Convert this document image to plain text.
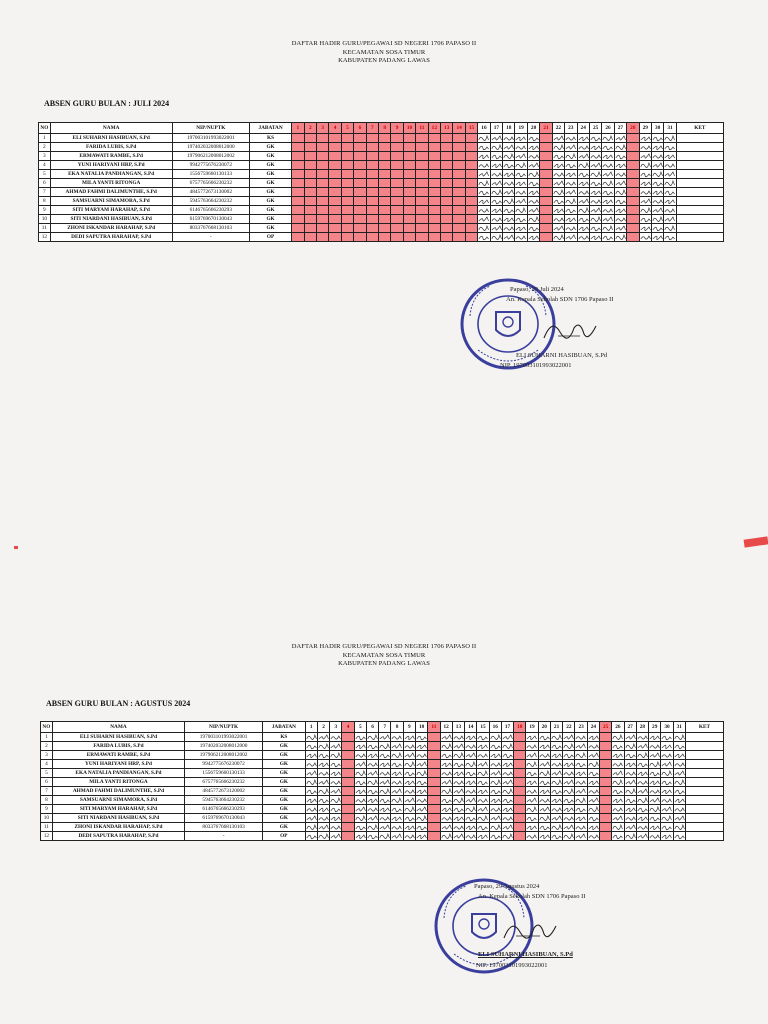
DAFTAR HADIR GURU/PEGAWAI SD NEGERI 1706 PAPASO II
KECAMATAN SOSA TIMUR
KABUPATEN PADANG LAWAS
ABSEN GURU BULAN : JULI 2024
NO	NAMA	NIP/NUPTK	JABATAN	1	2	3	4	5	6	7	8	9	10	11	12	13	14	15	16	17	18	19	20	21	22	23	24	25	26	27	28	29	30	31	KET
1	ELI SUHARNI HASIBUAN, S.Pd	197003101993022001	KS																

2	FARIDA LUBIS, S.Pd	197402032008012000	GK																

3	ERMAWATI RAMBE, S.Pd	197906212008012002	GK																

4	YUNI HARIYANI HRP, S.Pd	9942775676230072	GK																

5	EKA NATALIA PANDIANGAN, S.Pd	1556759660130133	GK																

6	MILA YANTI RITONGA	6757765666230232	GK																

7	AHMAD FAHMI DALIMUNTHE, S.Pd	4845772673130002	GK																

8	SAMSUARNI SIMAMORA, S.Pd	5945763664230232	GK																

9	SITI MARYAM HARAHAP, S.Pd	6146765666230293	GK																

10	SITI NIARDANI HASIBUAN, S.Pd	6159769670130043	GK																

11	ZHONI ISKANDAR HARAHAP, S.Pd	8033767668130103	GK																

12	DEDI SAPUTRA HARAHAP, S.Pd	-	OP																

Papaso, 29 Juli 2024
An. Kepala Sekolah SDN 1706 Papaso II
ELI SUHARNI HASIBUAN, S.Pd
NIP. 197003101993022001
DAFTAR HADIR GURU/PEGAWAI SD NEGERI 1706 PAPASO II
KECAMATAN SOSA TIMUR
KABUPATEN PADANG LAWAS
ABSEN GURU BULAN : AGUSTUS 2024
NO	NAMA	NIP/NUPTK	JABATAN	1	2	3	4	5	6	7	8	9	10	11	12	13	14	15	16	17	18	19	20	21	22	23	24	25	26	27	28	29	30	31	KET
1	ELI SUHARNI HASIBUAN, S.Pd	197003101993022001	KS	

2	FARIDA LUBIS, S.Pd	197402032008012000	GK	

3	ERMAWATI RAMBE, S.Pd	197906212008012002	GK	

4	YUNI HARIYANI HRP, S.Pd	9942775676230072	GK	

5	EKA NATALIA PANDIANGAN, S.Pd	1556759660130133	GK	

6	MILA YANTI RITONGA	6757765666230232	GK	

7	AHMAD FAHMI DALIMUNTHE, S.Pd	4845772673120002	GK	

8	SAMSUARNI SIMAMORA, S.Pd	5945763664230232	GK	

9	SITI MARYAM HARAHAP, S.Pd	6146765666230293	GK	

10	SITI NIARDANI HASIBUAN, S.Pd	6159769670130043	GK	

11	ZHONI ISKANDAR HARAHAP, S.Pd	8033767668130103	GK	

12	DEDI SAPUTRA HARAHAP, S.Pd	-	OP	

Papaso, 29 Agustus 2024
An. Kepala Sekolah SDN 1706 Papaso II
ELI SUHARNI HASIBUAN, S.Pd
NIP. 197003101993022001
